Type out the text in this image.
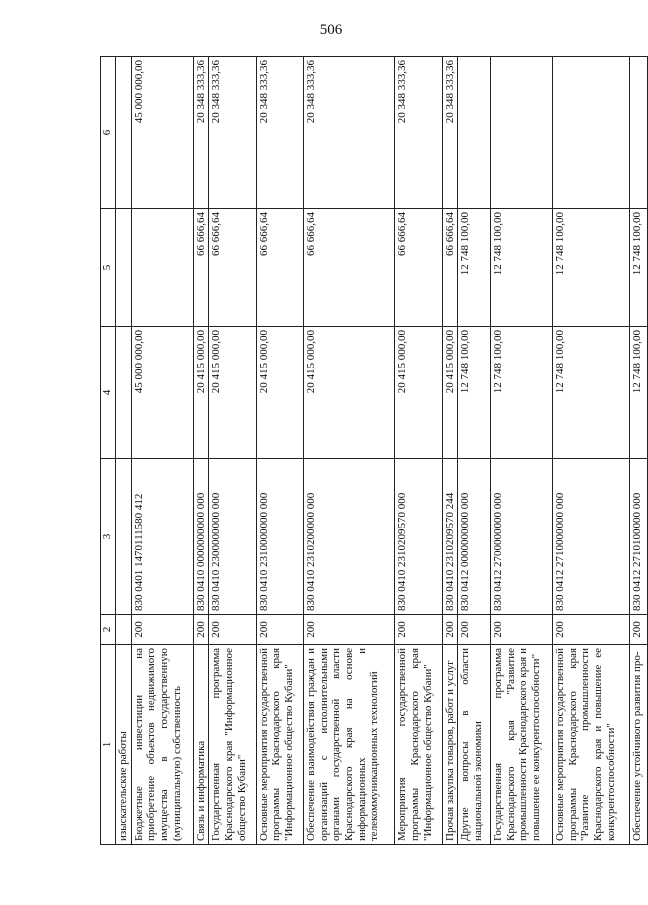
506
1	2	3	4	5	6
изыскательские работы					
Бюджетные инвестиции на приобретение объектов недвижимого имущества в государственную (муниципальную) собственность	200	830 0401 1470111580 412	45 000 000,00		45 000 000,00
Связь и информатика	200	830 0410 0000000000 000	20 415 000,00	66 666,64	20 348 333,36
Государственная программа Краснодарского края "Информационное общество Кубани"	200	830 0410 2300000000 000	20 415 000,00	66 666,64	20 348 333,36
Основные мероприятия государственной программы Краснодарского края "Информационное общество Кубани"	200	830 0410 2310000000 000	20 415 000,00	66 666,64	20 348 333,36
Обеспечение взаимодействия граждан и организаций с исполнительными органами государственной власти Краснодарского края на основе информационных и телекоммуникационных технологий	200	830 0410 2310200000 000	20 415 000,00	66 666,64	20 348 333,36
Мероприятия государственной программы Краснодарского края "Информационное общество Кубани"	200	830 0410 2310209570 000	20 415 000,00	66 666,64	20 348 333,36
Прочая закупка товаров, работ и услуг	200	830 0410 2310209570 244	20 415 000,00	66 666,64	20 348 333,36
Другие вопросы в области национальной экономики	200	830 0412 0000000000 000	12 748 100,00	12 748 100,00	
Государственная программа Краснодарского края "Развитие промышленности Краснодарского края и повышение ее конкурентоспособности"	200	830 0412 2700000000 000	12 748 100,00	12 748 100,00	
Основные мероприятия государственной программы Краснодарского края "Развитие промышленности Краснодарского края и повышение ее конкурентоспособности"	200	830 0412 2710000000 000	12 748 100,00	12 748 100,00	
Обеспечение устойчивого развития про-	200	830 0412 2710100000 000	12 748 100,00	12 748 100,00	
